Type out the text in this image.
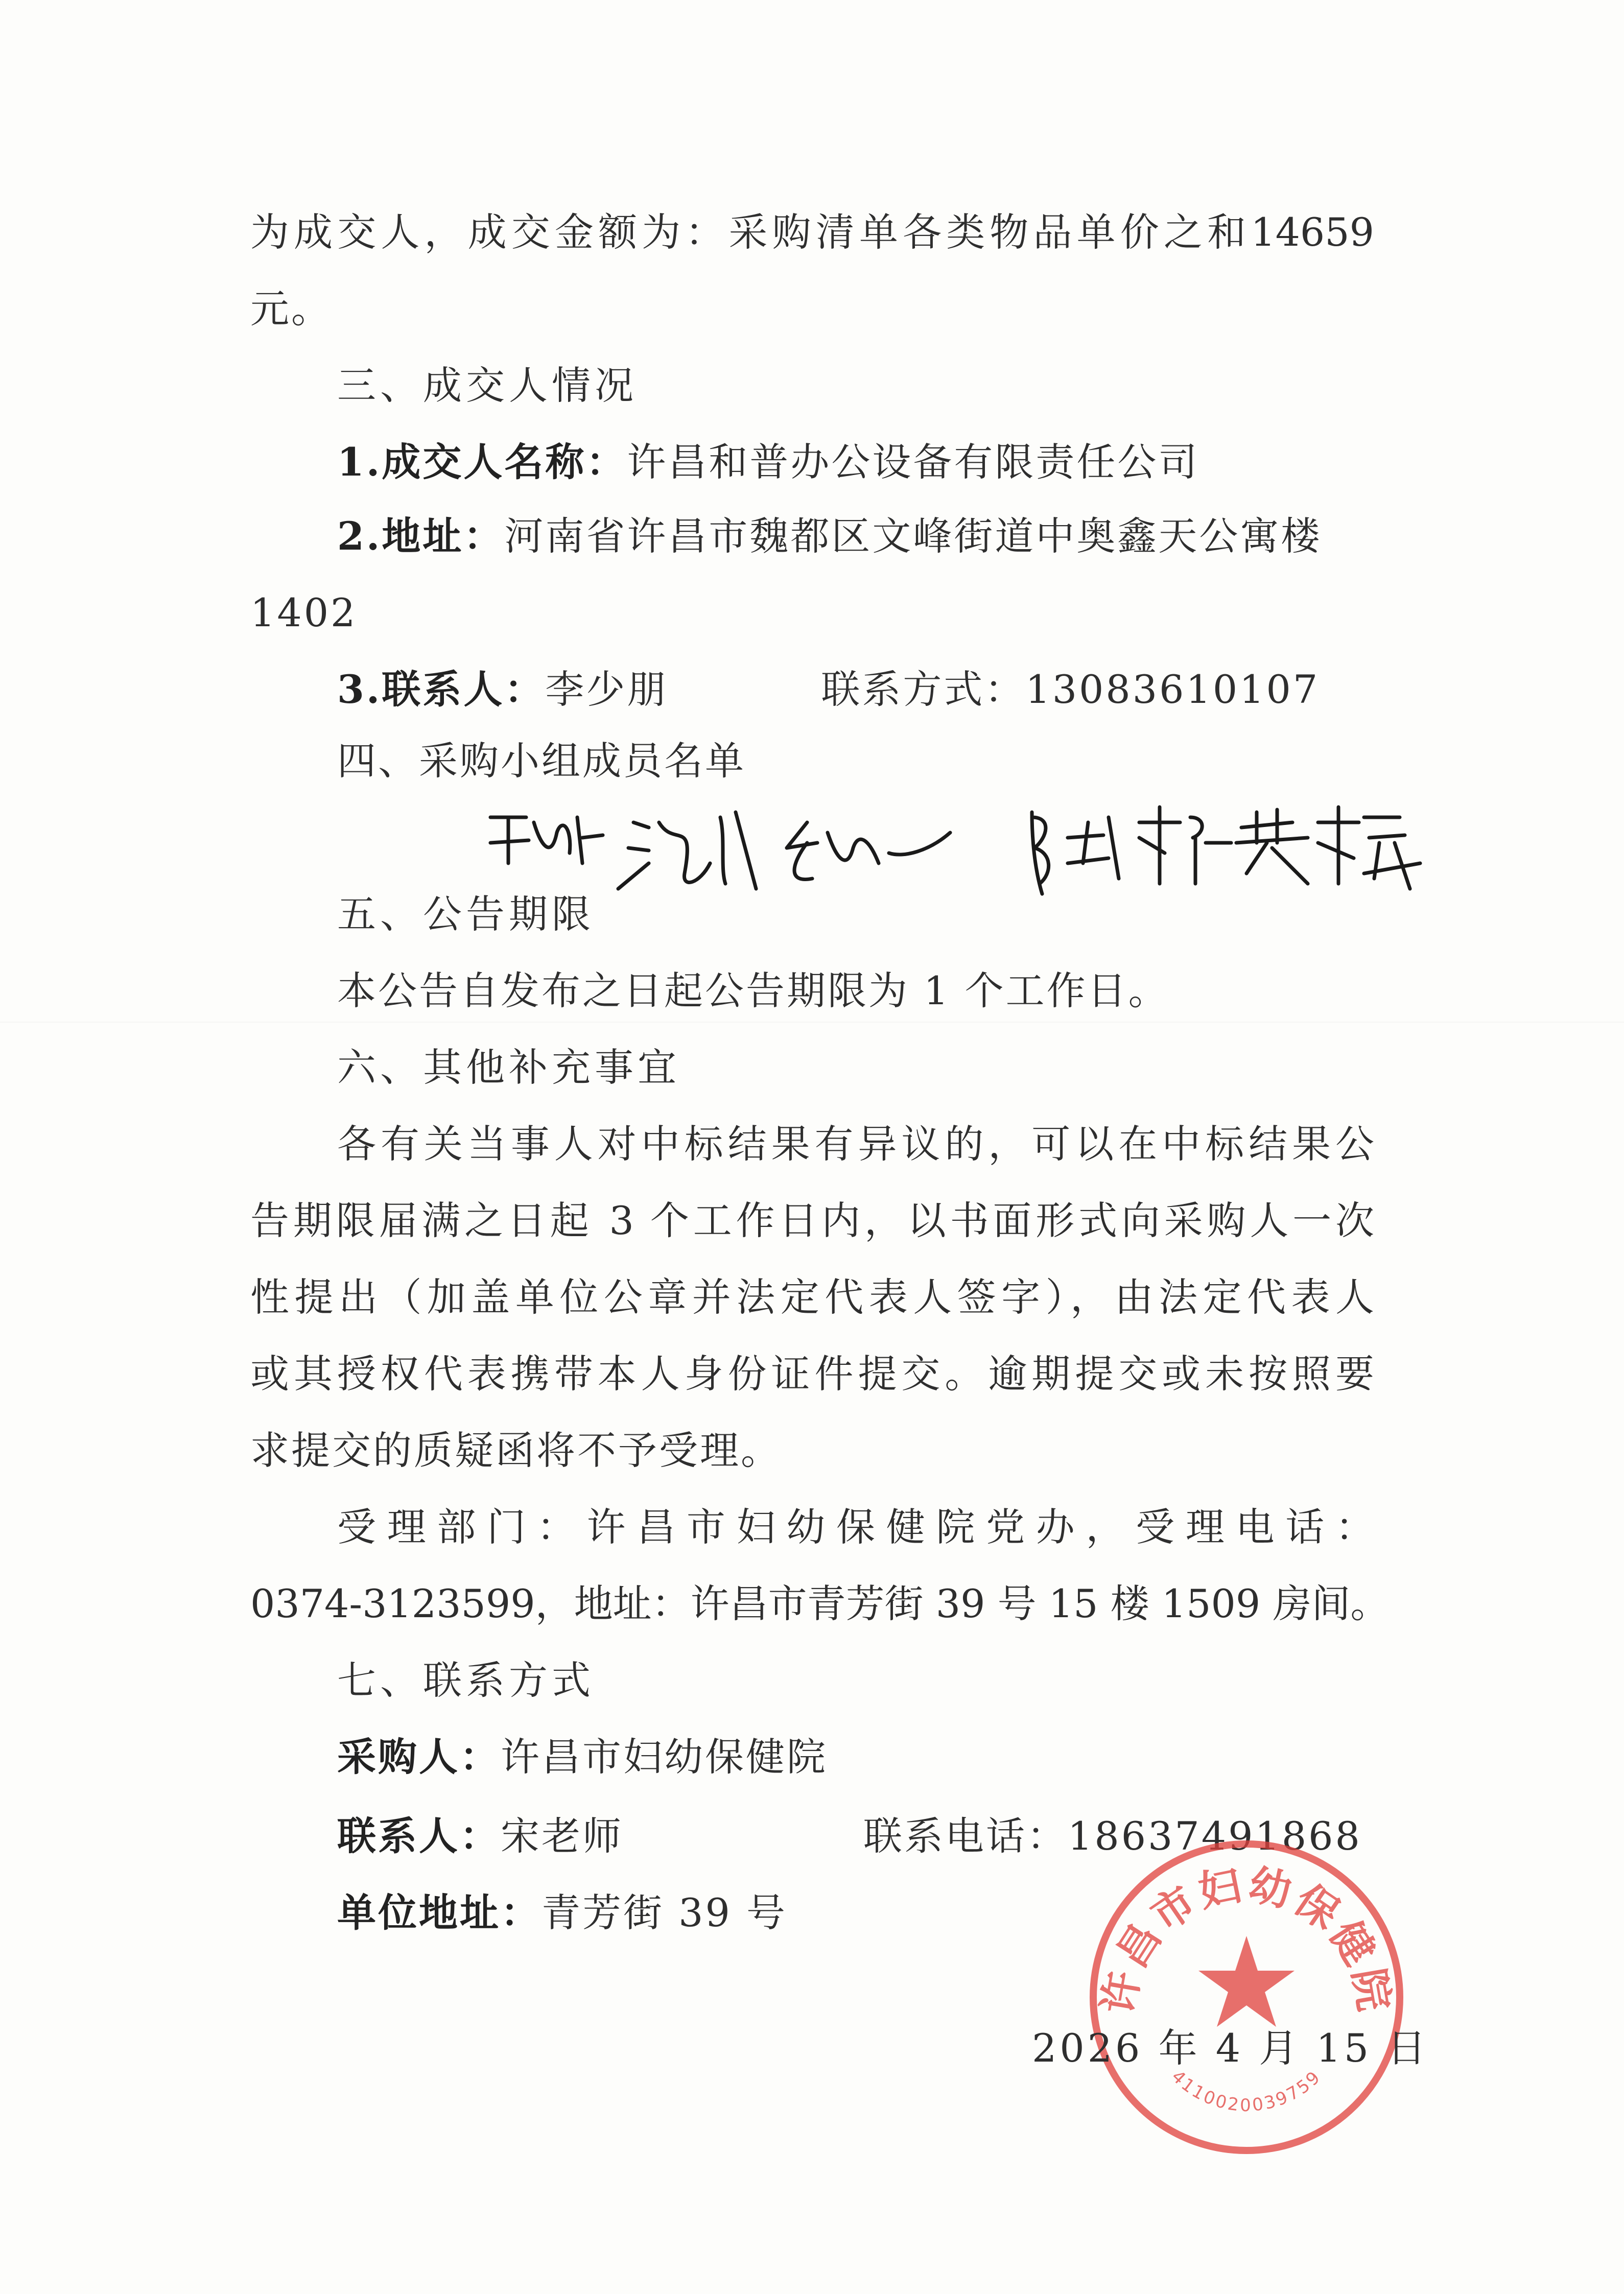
为成交人，成交金额为：采购清单各类物品单价之和14659
元。
三、成交人情况
1.成交人名称：许昌和普办公设备有限责任公司
2.地址：河南省许昌市魏都区文峰街道中奥鑫天公寓楼
1402
3.联系人：李少朋	联系方式：13083610107
四、采购小组成员名单
五、公告期限
本公告自发布之日起公告期限为 1 个工作日。
六、其他补充事宜
各有关当事人对中标结果有异议的，可以在中标结果公
告期限届满之日起 3 个工作日内，以书面形式向采购人一次
性提出（加盖单位公章并法定代表人签字），由法定代表人
或其授权代表携带本人身份证件提交。逾期提交或未按照要
求提交的质疑函将不予受理。
受理部门：许昌市妇幼保健院党办，受理电话：
0374-3123599，地址：许昌市青芳街 39 号 15 楼 1509 房间。
七、联系方式
采购人：许昌市妇幼保健院
联系人：宋老师	联系电话：18637491868
单位地址：青芳街 39 号
许昌市妇幼保健院
4110020039759
2026 年 4 月 15 日
